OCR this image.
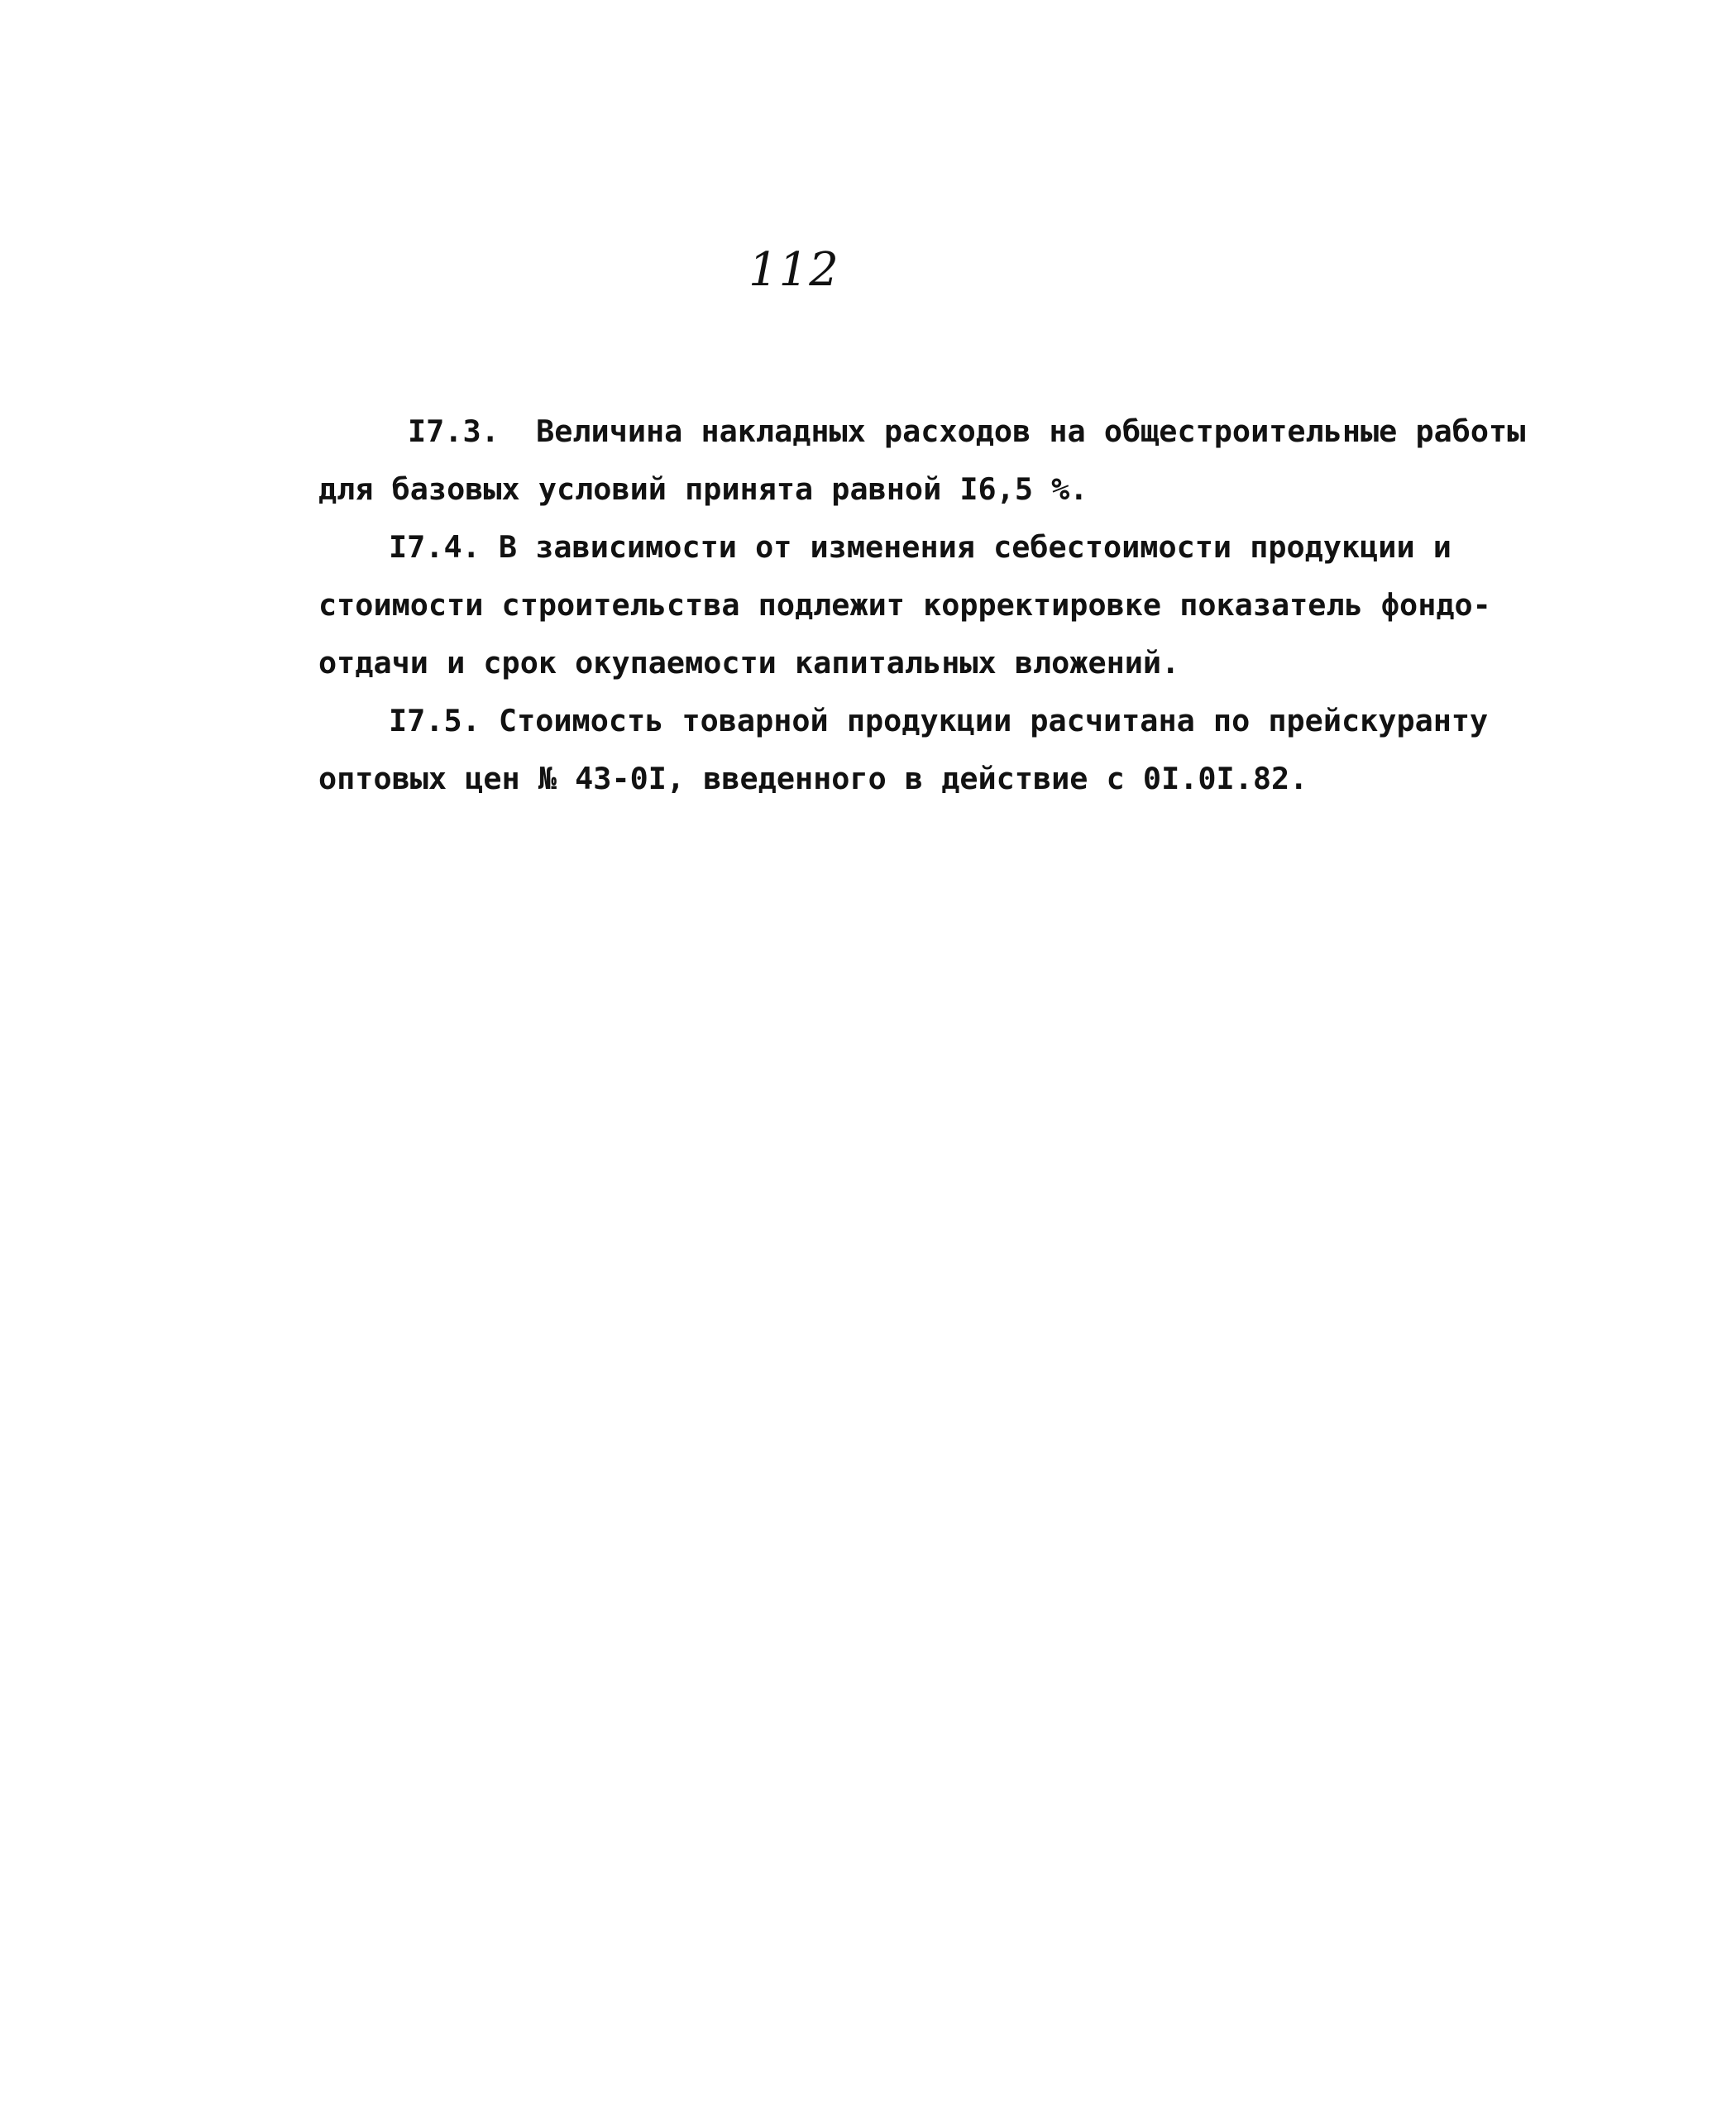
112
I7.3.  Величина накладных расходов на общестроительные работы
для базовых условий принята равной I6,5 %.
I7.4. В зависимости от изменения себестоимости продукции и
стоимости строительства подлежит корректировке показатель фондо-
отдачи и срок окупаемости капитальных вложений.
I7.5. Стоимость товарной продукции расчитана по прейскуранту
оптовых цен № 43-0I, введенного в действие с 0I.0I.82.
